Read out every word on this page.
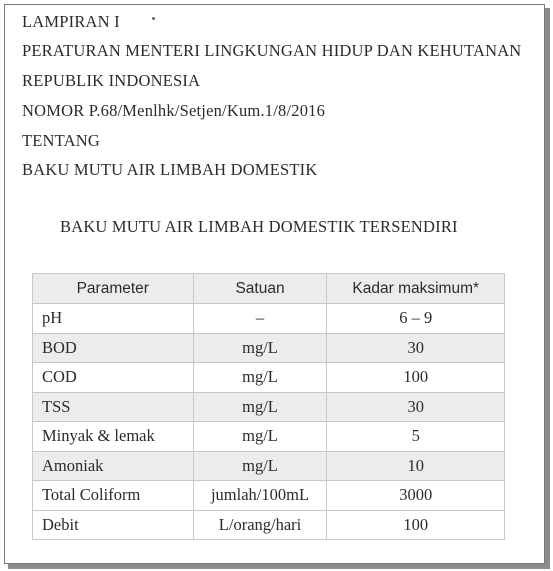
LAMPIRAN I
PERATURAN MENTERI LINGKUNGAN HIDUP DAN KEHUTANAN
REPUBLIK INDONESIA
NOMOR P.68/Menlhk/Setjen/Kum.1/8/2016
TENTANG
BAKU MUTU AIR LIMBAH DOMESTIK
BAKU MUTU AIR LIMBAH DOMESTIK TERSENDIRI
Parameter	Satuan	Kadar maksimum*
pH	–	6 – 9
BOD	mg/L	30
COD	mg/L	100
TSS	mg/L	30
Minyak & lemak	mg/L	5
Amoniak	mg/L	10
Total Coliform	jumlah/100mL	3000
Debit	L/orang/hari	100
